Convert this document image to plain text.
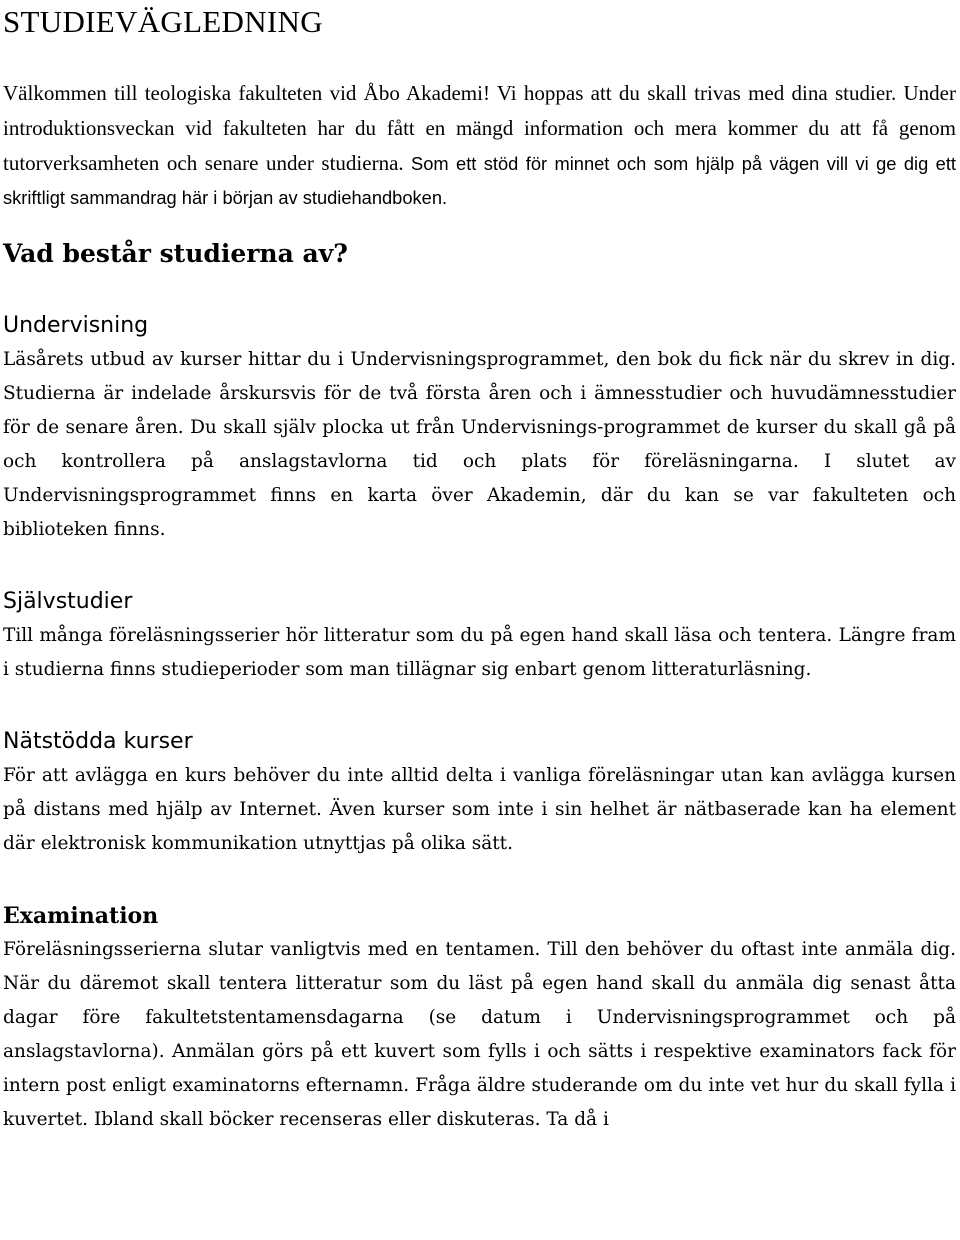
STUDIEVÄGLEDNING

Välkommen till teologiska fakulteten vid Åbo Akademi! Vi hoppas att du skall trivas med dina studier. Under introduktionsveckan vid fakulteten har du fått en mängd information och mera kommer du att få genom tutorverksamheten och senare under studierna. Som ett stöd för minnet och som hjälp på vägen vill vi ge dig ett skriftligt sammandrag här i början av studiehandboken.

Vad består studierna av?
Undervisning

Läsårets utbud av kurser hittar du i Undervisningsprogrammet, den bok du fick när du skrev in dig. Studierna är indelade årskursvis för de två första åren och i ämnesstudier och huvudämnesstudier för de senare åren. Du skall själv plocka ut från Undervisnings-programmet de kurser du skall gå på och kontrollera på anslagstavlorna tid och plats för föreläsningarna. I slutet av Undervisningsprogrammet finns en karta över Akademin, där du kan se var fakulteten och biblioteken finns.

Självstudier

Till många föreläsningsserier hör litteratur som du på egen hand skall läsa och tentera. Längre fram i studierna finns studieperioder som man tillägnar sig enbart genom litteraturläsning.

Nätstödda kurser

För att avlägga en kurs behöver du inte alltid delta i vanliga föreläsningar utan kan avlägga kursen på distans med hjälp av Internet. Även kurser som inte i sin helhet är nätbaserade kan ha element där elektronisk kommunikation utnyttjas på olika sätt.

Examination

Föreläsningsserierna slutar vanligtvis med en tentamen. Till den behöver du oftast inte anmäla dig. När du däremot skall tentera litteratur som du läst på egen hand skall du anmäla dig senast åtta dagar före fakultetstentamensdagarna (se datum i Undervisningsprogrammet och på anslagstavlorna). Anmälan görs på ett kuvert som fylls i och sätts i respektive examinators fack för intern post enligt examinatorns efternamn. Fråga äldre studerande om du inte vet hur du skall fylla i kuvertet. Ibland skall böcker recenseras eller diskuteras. Ta då i
